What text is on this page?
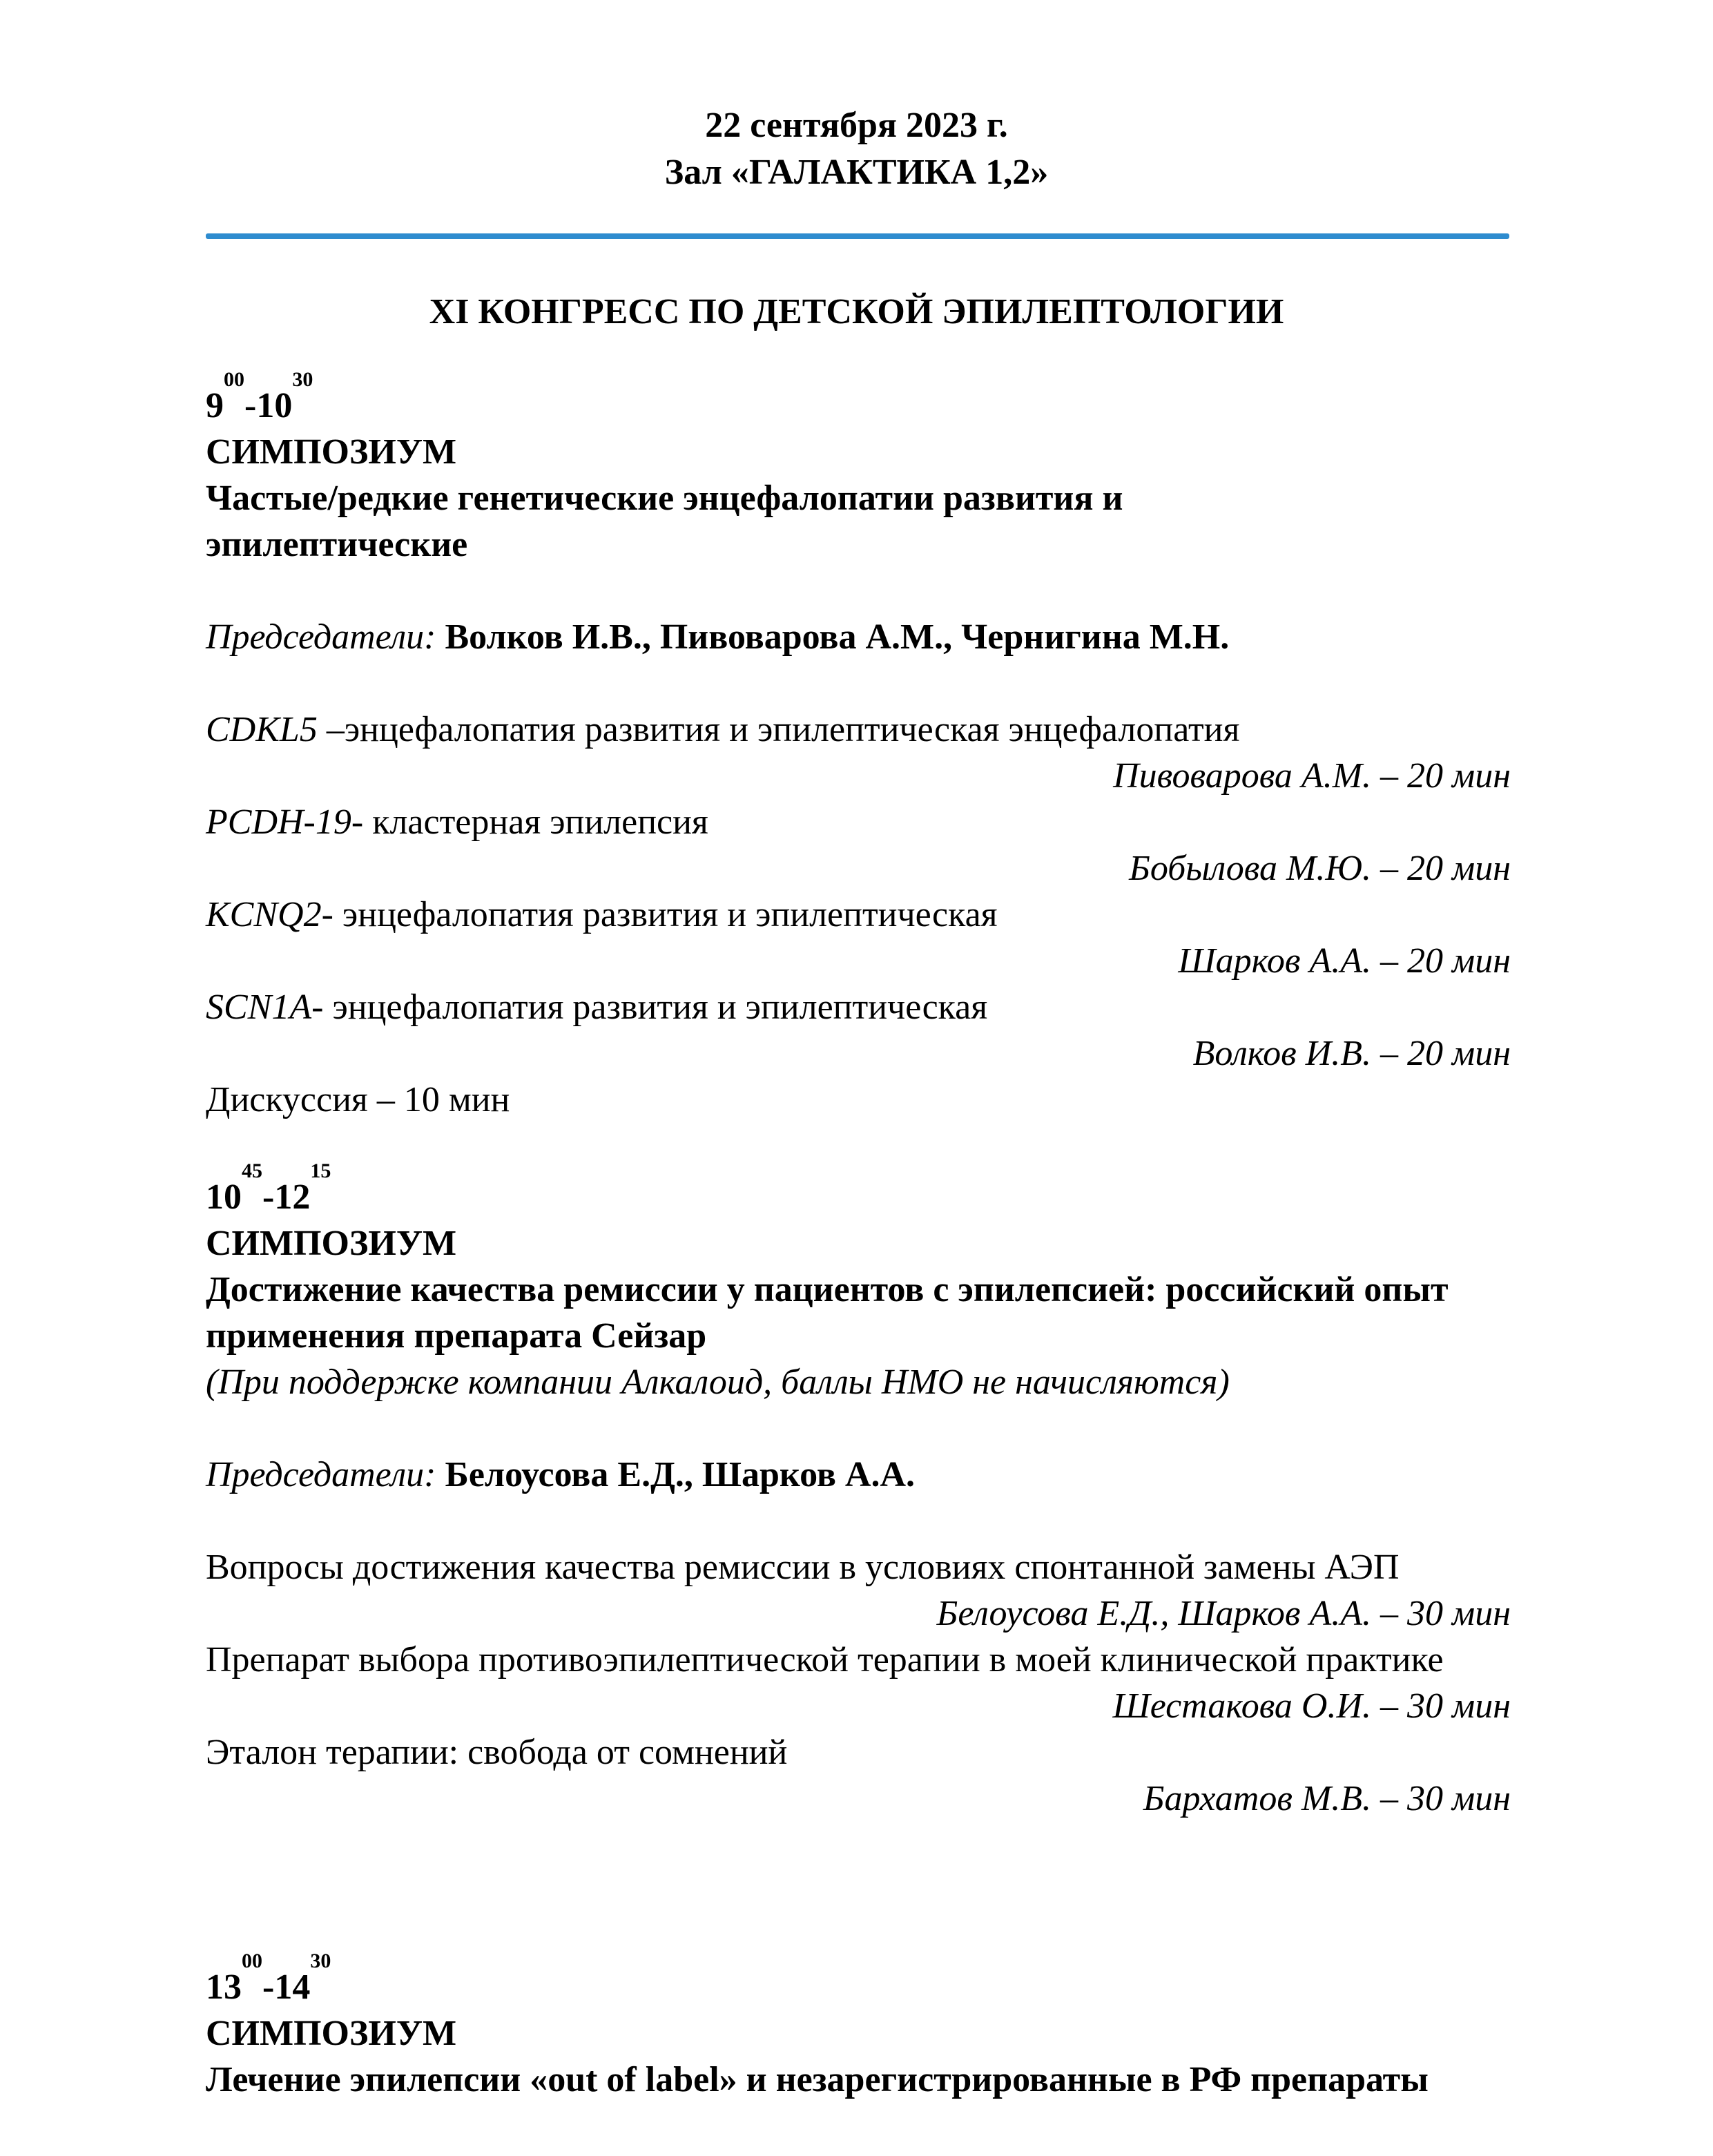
22 сентября 2023 г.
Зал «ГАЛАКТИКА 1,2»
XI КОНГРЕСС ПО ДЕТСКОЙ ЭПИЛЕПТОЛОГИИ
$9^{00}-10^{30}$
СИМПОЗИУМ
Частые/редкие генетические энцефалопатии развития и эпилептические
Председатели: Волков И.В., Пивоварова А.М., Чернигина М.Н.
CDKL5 –энцефалопатия развития и эпилептическая энцефалопатия
Пивоварова А.М. – 20 мин
PCDH-19- кластерная эпилепсия
Бобылова М.Ю. – 20 мин
KCNQ2- энцефалопатия развития и эпилептическая
Шарков А.А. – 20 мин
SCN1A- энцефалопатия развития и эпилептическая
Волков И.В. – 20 мин
Дискуссия – 10 мин
$10^{45}-12^{15}$
СИМПОЗИУМ
Достижение качества ремиссии у пациентов с эпилепсией: российский опыт применения препарата Сейзар
(При поддержке компании Алкалоид, баллы НМО не начисляются)
Председатели: Белоусова Е.Д., Шарков А.А.
Вопросы достижения качества ремиссии в условиях спонтанной замены АЭП
Белоусова Е.Д., Шарков А.А. – 30 мин
Препарат выбора противоэпилептической терапии в моей клинической практике
Шестакова О.И. – 30 мин
Эталон терапии: свобода от сомнений
Бархатов М.В. – 30 мин
$13^{00}-14^{30}$
СИМПОЗИУМ
Лечение эпилепсии «out of label» и незарегистрированные в РФ препараты
